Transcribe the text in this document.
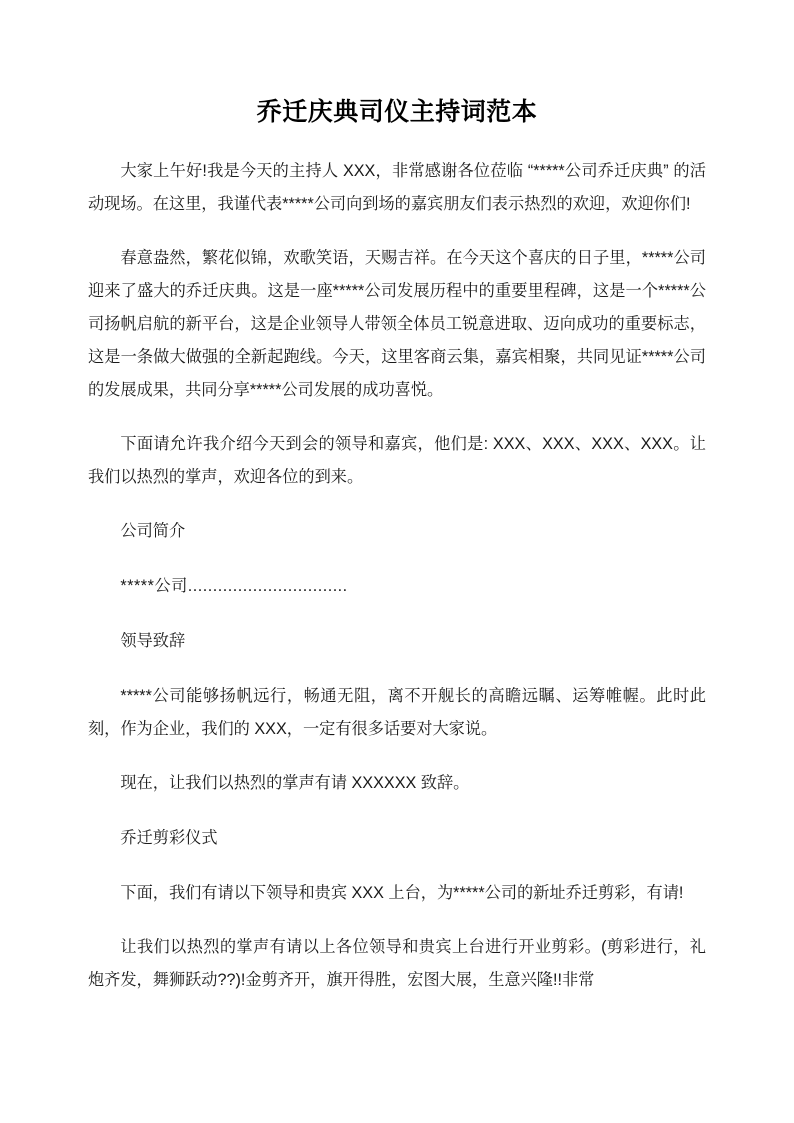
乔迁庆典司仪主持词范本

大家上午好!我是今天的主持人 XXX，非常感谢各位莅临 “*****公司乔迁庆典” 的活动现场。在这里，我谨代表*****公司向到场的嘉宾朋友们表示热烈的欢迎，欢迎你们!

春意盎然，繁花似锦，欢歌笑语，天赐吉祥。在今天这个喜庆的日子里，*****公司迎来了盛大的乔迁庆典。这是一座*****公司发展历程中的重要里程碑，这是一个*****公司扬帆启航的新平台，这是企业领导人带领全体员工锐意进取、迈向成功的重要标志，这是一条做大做强的全新起跑线。今天，这里客商云集，嘉宾相聚，共同见证*****公司的发展成果，共同分享*****公司发展的成功喜悦。

下面请允许我介绍今天到会的领导和嘉宾，他们是: XXX、XXX、XXX、XXX。让我们以热烈的掌声，欢迎各位的到来。

公司简介

*****公司................................

领导致辞

*****公司能够扬帆远行，畅通无阻，离不开舰长的高瞻远瞩、运筹帷幄。此时此刻，作为企业，我们的 XXX，一定有很多话要对大家说。

现在，让我们以热烈的掌声有请 XXXXXX 致辞。

乔迁剪彩仪式

下面，我们有请以下领导和贵宾 XXX 上台，为*****公司的新址乔迁剪彩，有请!

让我们以热烈的掌声有请以上各位领导和贵宾上台进行开业剪彩。(剪彩进行，礼炮齐发，舞狮跃动??)!金剪齐开，旗开得胜，宏图大展，生意兴隆!!非常
